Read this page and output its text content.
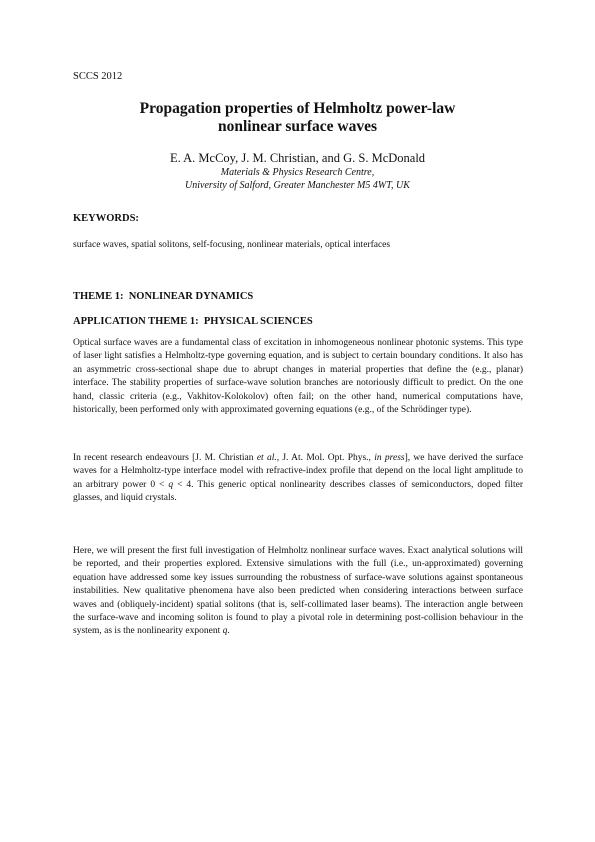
SCCS 2012
Propagation properties of Helmholtz power-law
nonlinear surface waves
E. A. McCoy, J. M. Christian, and G. S. McDonald
Materials & Physics Research Centre,
University of Salford, Greater Manchester M5 4WT, UK
KEYWORDS:
surface waves, spatial solitons, self-focusing, nonlinear materials, optical interfaces
THEME 1:  NONLINEAR DYNAMICS
APPLICATION THEME 1:  PHYSICAL SCIENCES

Optical surface waves are a fundamental class of excitation in inhomogeneous nonlinear photonic systems. This type of laser light satisfies a Helmholtz-type governing equation, and is subject to certain boundary conditions. It also has an asymmetric cross-sectional shape due to abrupt changes in material properties that define the (e.g., planar) interface. The stability properties of surface-wave solution branches are notoriously difficult to predict. On the one hand, classic criteria (e.g., Vakhitov-Kolokolov) often fail; on the other hand, numerical computations have, historically, been performed only with approximated governing equations (e.g., of the Schrödinger type).

In recent research endeavours [J. M. Christian et al., J. At. Mol. Opt. Phys., in press], we have derived the surface waves for a Helmholtz-type interface model with refractive-index profile that depend on the local light amplitude to an arbitrary power 0 < q < 4. This generic optical nonlinearity describes classes of semiconductors, doped filter glasses, and liquid crystals.

Here, we will present the first full investigation of Helmholtz nonlinear surface waves. Exact analytical solutions will be reported, and their properties explored. Extensive simulations with the full (i.e., un-approximated) governing equation have addressed some key issues surrounding the robustness of surface-wave solutions against spontaneous instabilities. New qualitative phenomena have also been predicted when considering interactions between surface waves and (obliquely-incident) spatial solitons (that is, self-collimated laser beams). The interaction angle between the surface-wave and incoming soliton is found to play a pivotal role in determining post-collision behaviour in the system, as is the nonlinearity exponent q.
